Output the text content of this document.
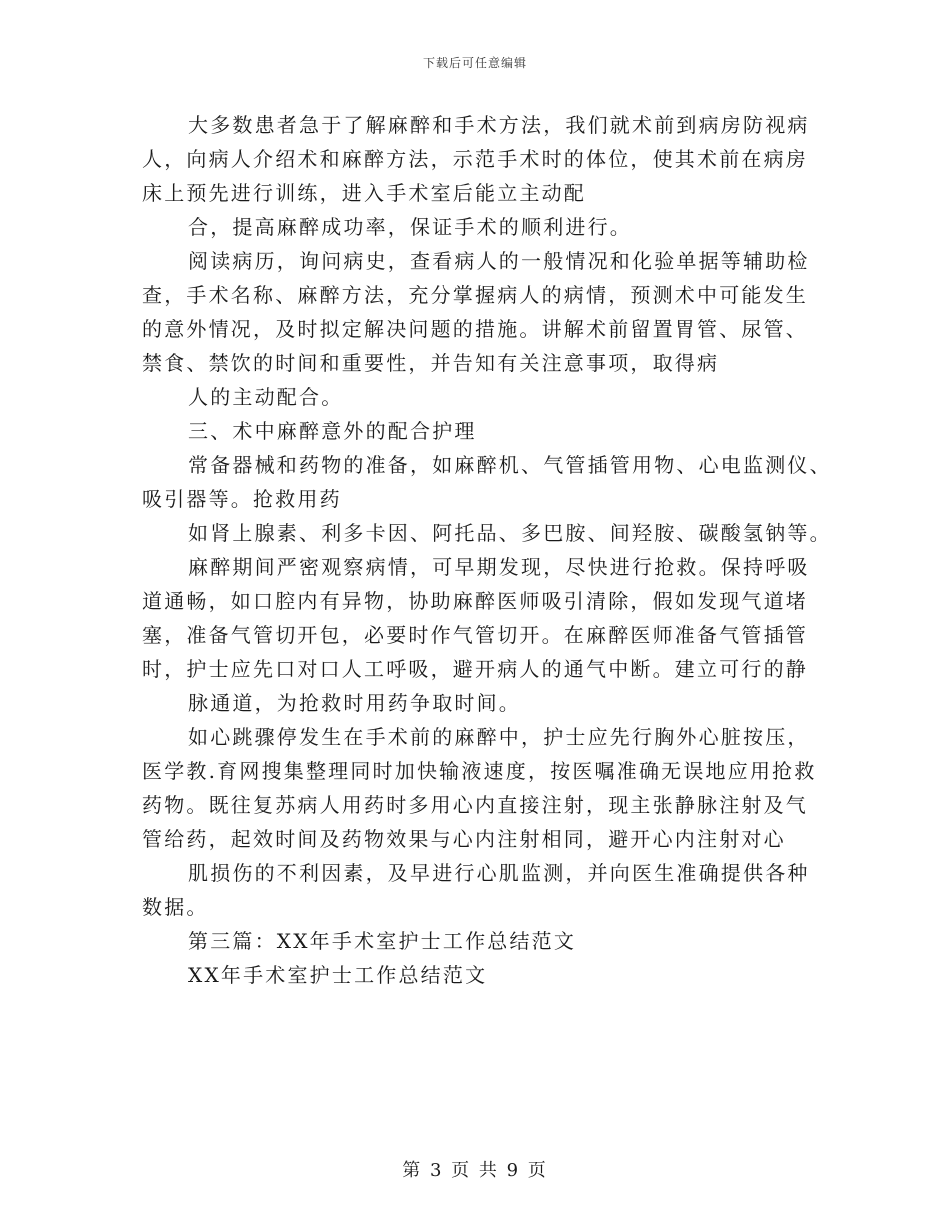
下载后可任意编辑
大多数患者急于了解麻醉和手术方法，我们就术前到病房防视病
人，向病人介绍术和麻醉方法，示范手术时的体位，使其术前在病房
床上预先进行训练，进入手术室后能立主动配
合，提高麻醉成功率，保证手术的顺利进行。
阅读病历，询问病史，查看病人的一般情况和化验单据等辅助检
查，手术名称、麻醉方法，充分掌握病人的病情，预测术中可能发生
的意外情况，及时拟定解决问题的措施。讲解术前留置胃管、尿管、
禁食、禁饮的时间和重要性，并告知有关注意事项，取得病
人的主动配合。
三、术中麻醉意外的配合护理
常备器械和药物的准备，如麻醉机、气管插管用物、心电监测仪、
吸引器等。抢救用药
如肾上腺素、利多卡因、阿托品、多巴胺、间羟胺、碳酸氢钠等。
麻醉期间严密观察病情，可早期发现，尽快进行抢救。保持呼吸
道通畅，如口腔内有异物，协助麻醉医师吸引清除，假如发现气道堵
塞，准备气管切开包，必要时作气管切开。在麻醉医师准备气管插管
时，护士应先口对口人工呼吸，避开病人的通气中断。建立可行的静
脉通道，为抢救时用药争取时间。
如心跳骤停发生在手术前的麻醉中，护士应先行胸外心脏按压，
医学教.育网搜集整理同时加快输液速度，按医嘱准确无误地应用抢救
药物。既往复苏病人用药时多用心内直接注射，现主张静脉注射及气
管给药，起效时间及药物效果与心内注射相同，避开心内注射对心
肌损伤的不利因素，及早进行心肌监测，并向医生准确提供各种
数据。
第三篇：XX年手术室护士工作总结范文
XX年手术室护士工作总结范文
第 3 页 共 9 页
